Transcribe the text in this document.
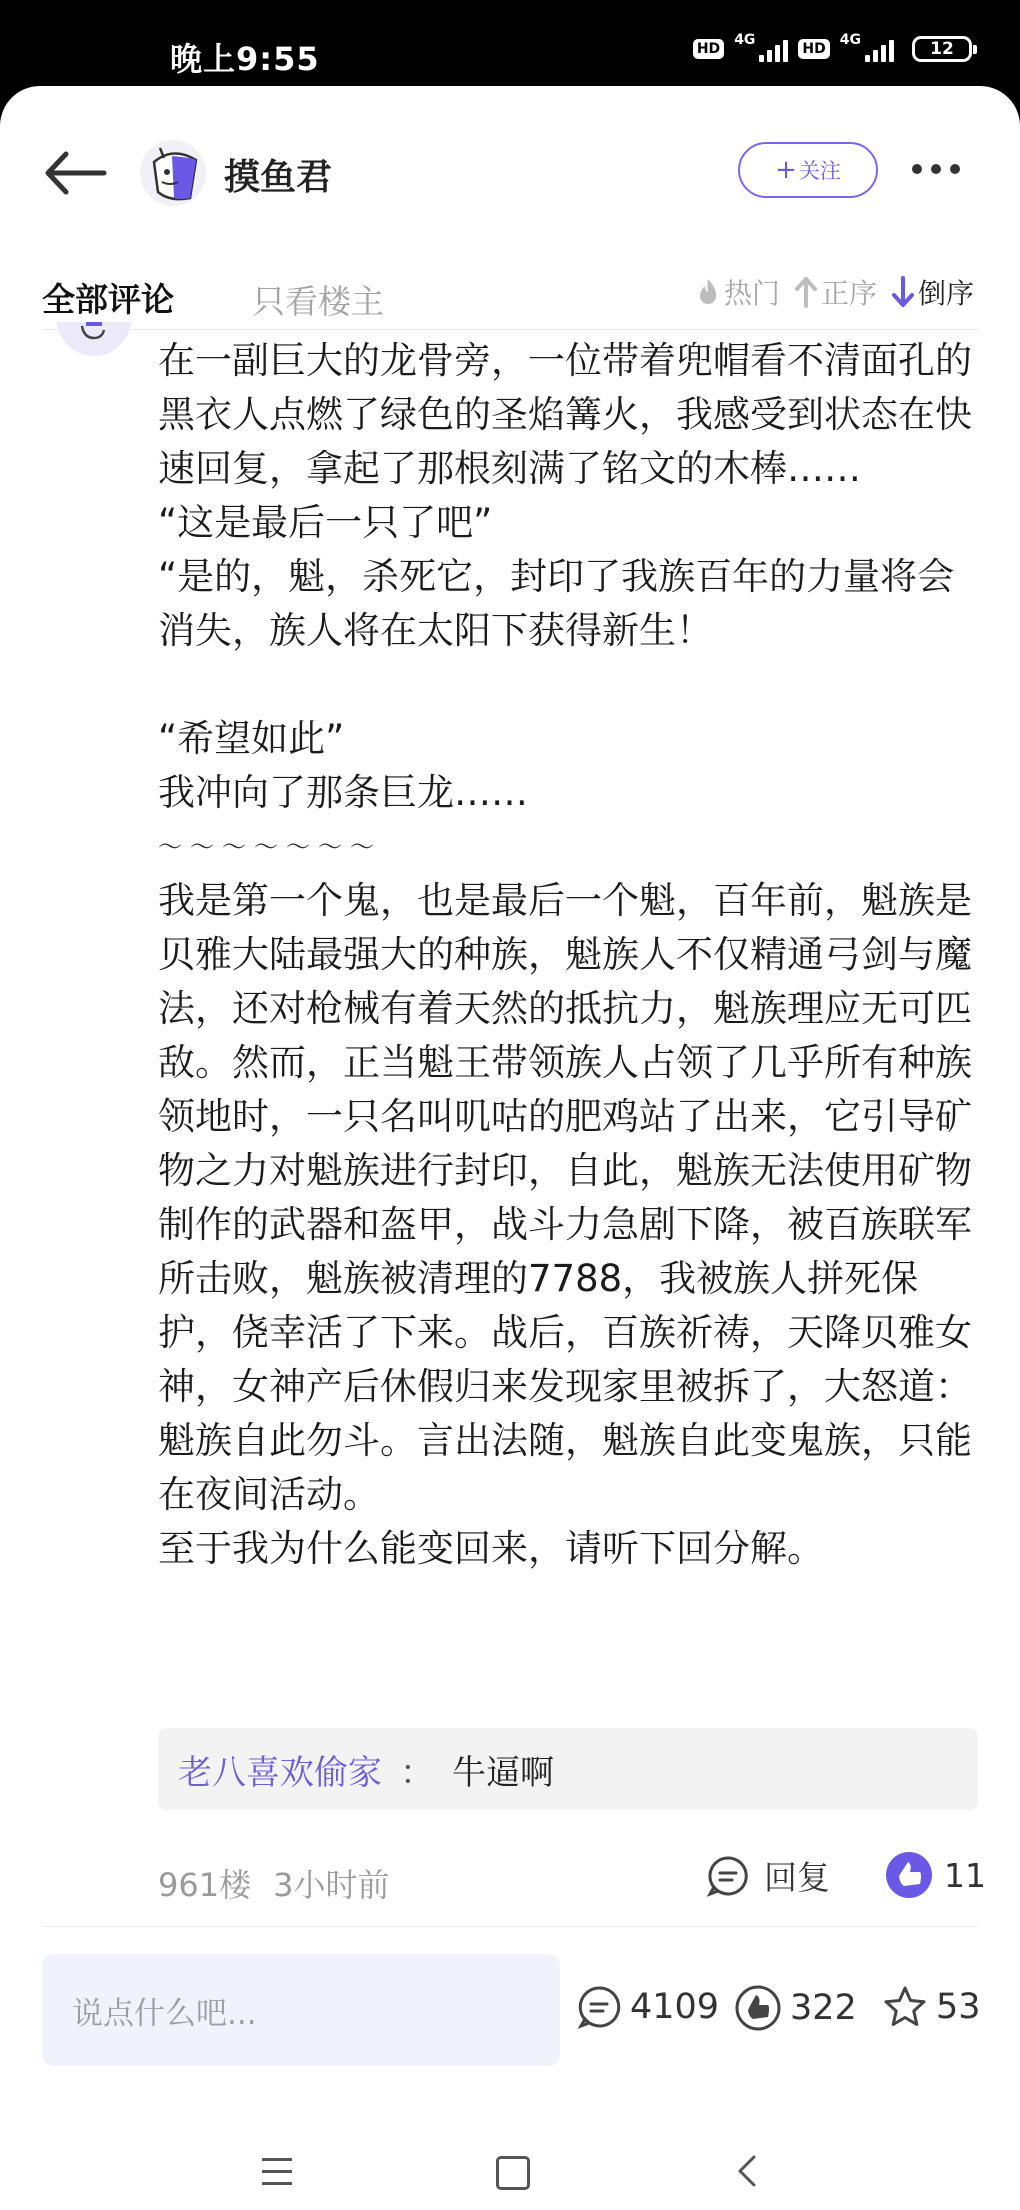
晚上9:55	HD
4G
HD
4G	12
摸鱼君	+ 关注
全部评论 只看楼主	热门 正序 倒序

在一副巨大的龙骨旁，一位带着兜帽看不清面孔的黑衣人点燃了绿色的圣焰篝火，我感受到状态在快速回复，拿起了那根刻满了铭文的木棒……

“这是最后一只了吧”

“是的，魁，杀死它，封印了我族百年的力量将会消失，族人将在太阳下获得新生！

“希望如此”

我冲向了那条巨龙……

～～～～～～～

我是第一个鬼，也是最后一个魁，百年前，魁族是贝雅大陆最强大的种族，魁族人不仅精通弓剑与魔法，还对枪械有着天然的抵抗力，魁族理应无可匹敌。然而，正当魁王带领族人占领了几乎所有种族领地时，一只名叫叽咕的肥鸡站了出来，它引导矿物之力对魁族进行封印，自此，魁族无法使用矿物制作的武器和盔甲，战斗力急剧下降，被百族联军所击败，魁族被清理的7788，我被族人拼死保护，侥幸活了下来。战后，百族祈祷，天降贝雅女神，女神产后休假归来发现家里被拆了，大怒道：魁族自此勿斗。言出法随，魁族自此变鬼族，只能在夜间活动。

至于我为什么能变回来，请听下回分解。

老八喜欢偷家 ： 牛逼啊
961楼 3小时前	回复	11
说点什么吧...	4109 322 53
